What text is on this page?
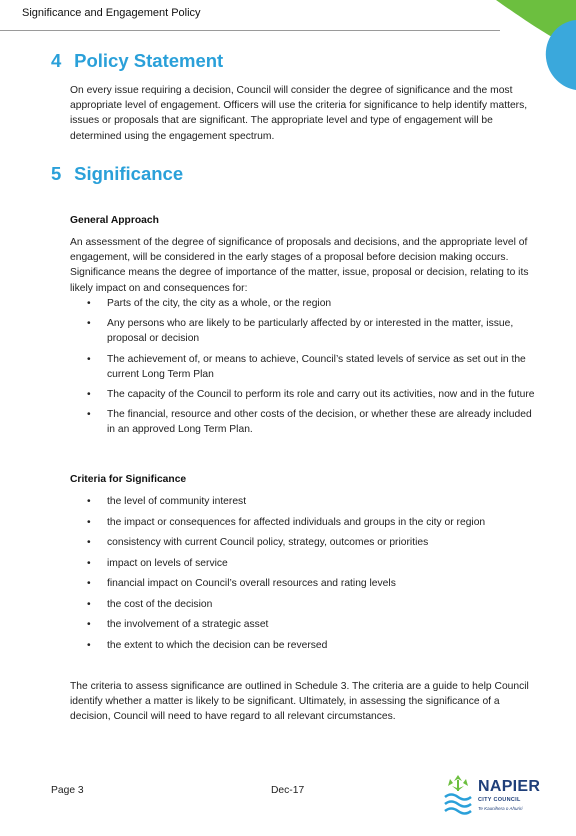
Significance and Engagement Policy
4 Policy Statement

On every issue requiring a decision, Council will consider the degree of significance and the most appropriate level of engagement. Officers will use the criteria for significance to help identify matters, issues or proposals that are significant. The appropriate level and type of engagement will be determined using the engagement spectrum.

5 Significance
General Approach

An assessment of the degree of significance of proposals and decisions, and the appropriate level of engagement, will be considered in the early stages of a proposal before decision making occurs. Significance means the degree of importance of the matter, issue, proposal or decision, relating to its likely impact on and consequences for:

• Parts of the city, the city as a whole, or the region
• Any persons who are likely to be particularly affected by or interested in the matter, issue, proposal or decision
• The achievement of, or means to achieve, Council’s stated levels of service as set out in the current Long Term Plan
• The capacity of the Council to perform its role and carry out its activities, now and in the future
• The financial, resource and other costs of the decision, or whether these are already included in an approved Long Term Plan.
Criteria for Significance
• the level of community interest
• the impact or consequences for affected individuals and groups in the city or region
• consistency with current Council policy, strategy, outcomes or priorities
• impact on levels of service
• financial impact on Council’s overall resources and rating levels
• the cost of the decision
• the involvement of a strategic asset
• the extent to which the decision can be reversed

The criteria to assess significance are outlined in Schedule 3. The criteria are a guide to help Council identify whether a matter is likely to be significant. Ultimately, in assessing the significance of a decision, Council will need to have regard to all relevant circumstances.

Page 3	Dec-17	NAPIER
CITY COUNCIL
Te Kaunihera o Ahuriri
